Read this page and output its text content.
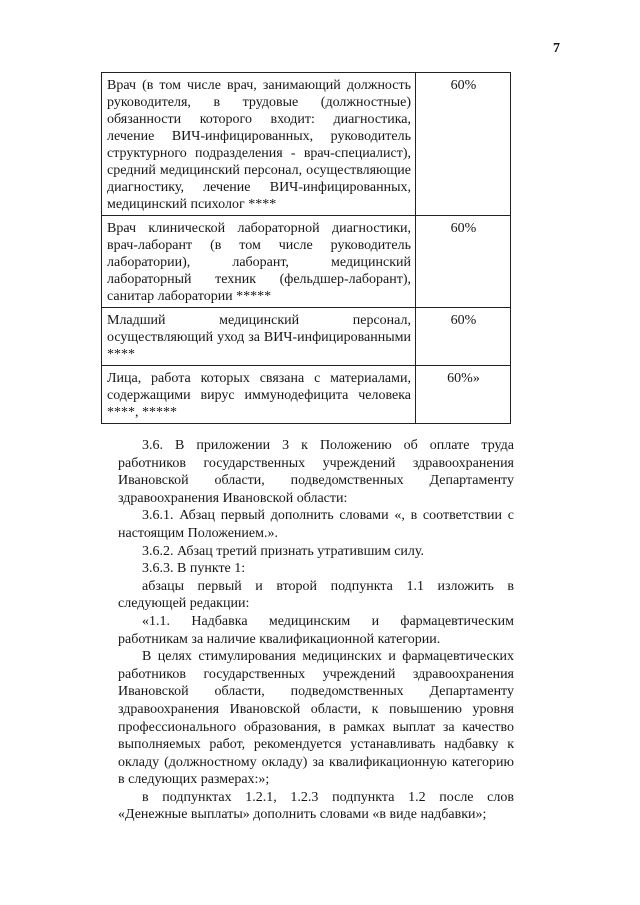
7
Врач (в том числе врач, занимающий должность руководителя, в трудовые (должностные) обязанности которого входит: диагностика, лечение ВИЧ-инфицированных, руководитель структурного подразделения - врач-специалист), средний медицинский персонал, осуществляющие диагностику, лечение ВИЧ-инфицированных, медицинский психолог ****	60%
Врач клинической лабораторной диагностики, врач-лаборант (в том числе руководитель лаборатории), лаборант, медицинский лабораторный техник (фельдшер-лаборант), санитар лаборатории *****	60%
Младший медицинский персонал, осуществляющий уход за ВИЧ-инфицированными ****	60%
Лица, работа которых связана с материалами, содержащими вирус иммунодефицита человека ****, *****	60%»

3.6. В приложении 3 к Положению об оплате труда работников государственных учреждений здравоохранения Ивановской области, подведомственных Департаменту здравоохранения Ивановской области:

3.6.1. Абзац первый дополнить словами «, в соответствии с настоящим Положением.».

3.6.2. Абзац третий признать утратившим силу.

3.6.3. В пункте 1:

абзацы первый и второй подпункта 1.1 изложить в следующей редакции:

«1.1. Надбавка медицинским и фармацевтическим работникам за наличие квалификационной категории.

В целях стимулирования медицинских и фармацевтических работников государственных учреждений здравоохранения Ивановской области, подведомственных Департаменту здравоохранения Ивановской области, к повышению уровня профессионального образования, в рамках выплат за качество выполняемых работ, рекомендуется устанавливать надбавку к окладу (должностному окладу) за квалификационную категорию в следующих размерах:»;

в подпунктах 1.2.1, 1.2.3 подпункта 1.2 после слов «Денежные выплаты» дополнить словами «в виде надбавки»;
